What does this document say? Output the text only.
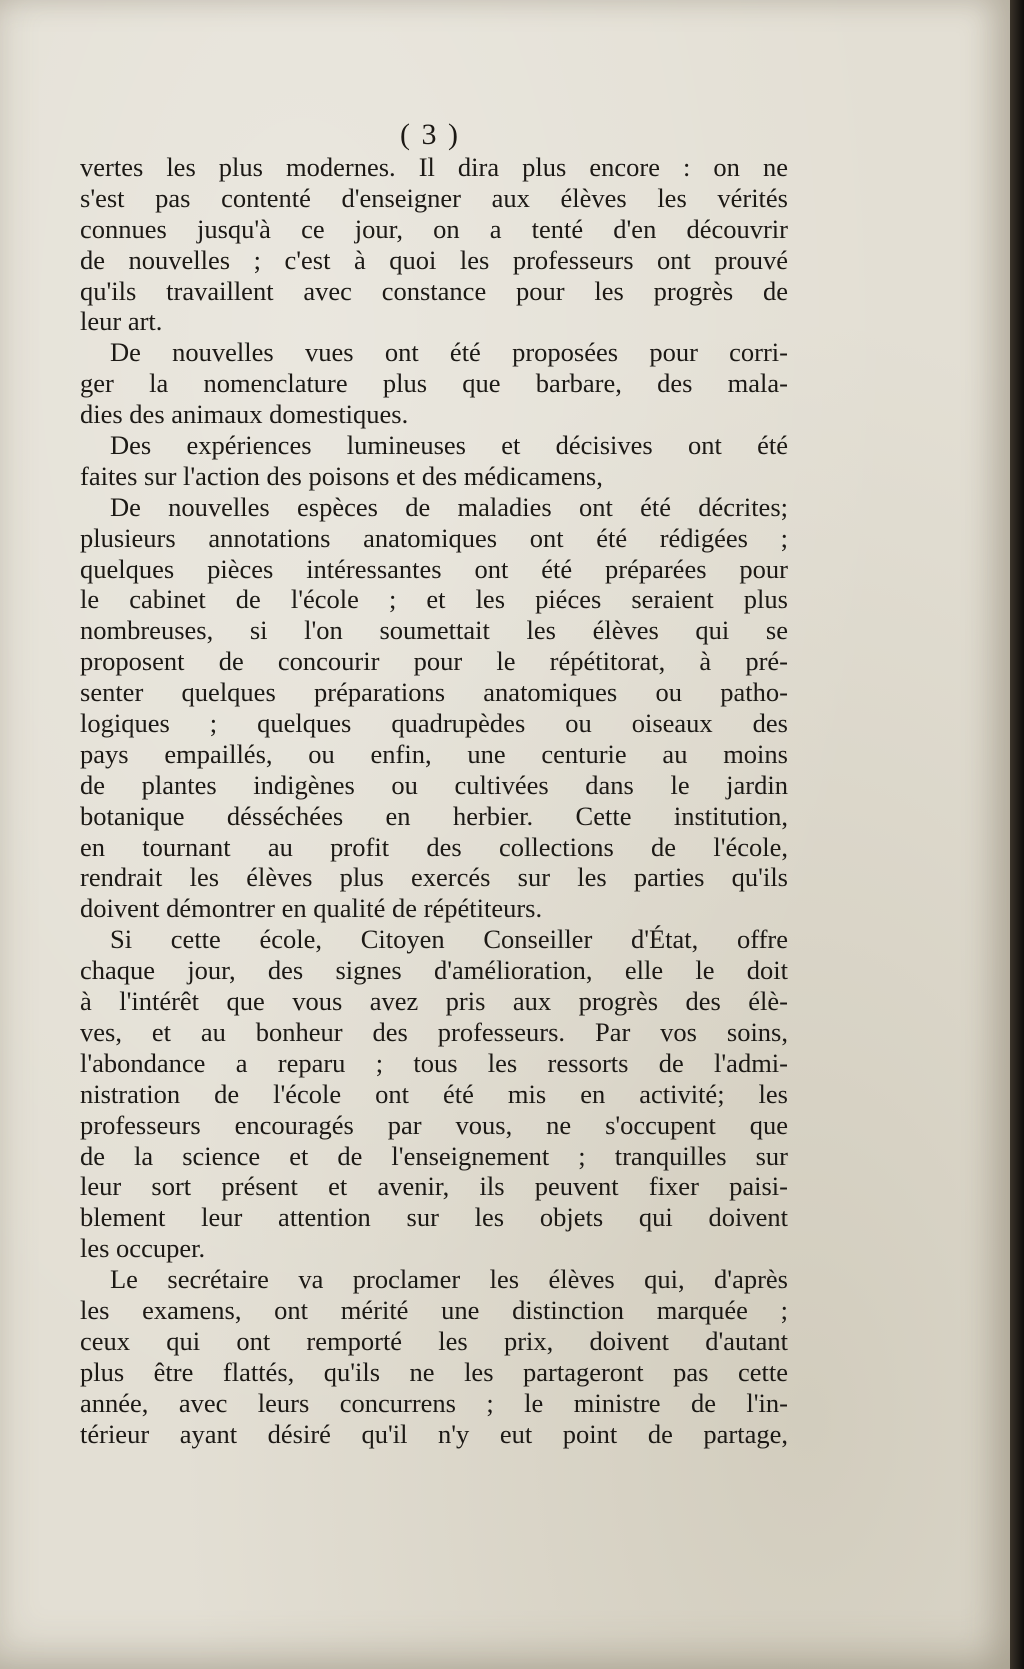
( 3 )
vertes les plus modernes. Il dira plus encore : on ne
s'est pas contenté d'enseigner aux élèves les vérités
connues jusqu'à ce jour, on a tenté d'en découvrir
de nouvelles ; c'est à quoi les professeurs ont prouvé
qu'ils travaillent avec constance pour les progrès de
leur art.
De nouvelles vues ont été proposées pour corri-
ger la nomenclature plus que barbare, des mala-
dies des animaux domestiques.
Des expériences lumineuses et décisives ont été
faites sur l'action des poisons et des médicamens,
De nouvelles espèces de maladies ont été décrites;
plusieurs annotations anatomiques ont été rédigées ;
quelques pièces intéressantes ont été préparées pour
le cabinet de l'école ; et les piéces seraient plus
nombreuses, si l'on soumettait les élèves qui se
proposent de concourir pour le répétitorat, à pré-
senter quelques préparations anatomiques ou patho-
logiques ; quelques quadrupèdes ou oiseaux des
pays empaillés, ou enfin, une centurie au moins
de plantes indigènes ou cultivées dans le jardin
botanique désséchées en herbier. Cette institution,
en tournant au profit des collections de l'école,
rendrait les élèves plus exercés sur les parties qu'ils
doivent démontrer en qualité de répétiteurs.
Si cette école, Citoyen Conseiller d'État, offre
chaque jour, des signes d'amélioration, elle le doit
à l'intérêt que vous avez pris aux progrès des élè-
ves, et au bonheur des professeurs. Par vos soins,
l'abondance a reparu ; tous les ressorts de l'admi-
nistration de l'école ont été mis en activité; les
professeurs encouragés par vous, ne s'occupent que
de la science et de l'enseignement ; tranquilles sur
leur sort présent et avenir, ils peuvent fixer paisi-
blement leur attention sur les objets qui doivent
les occuper.
Le secrétaire va proclamer les élèves qui, d'après
les examens, ont mérité une distinction marquée ;
ceux qui ont remporté les prix, doivent d'autant
plus être flattés, qu'ils ne les partageront pas cette
année, avec leurs concurrens ; le ministre de l'in-
térieur ayant désiré qu'il n'y eut point de partage,
